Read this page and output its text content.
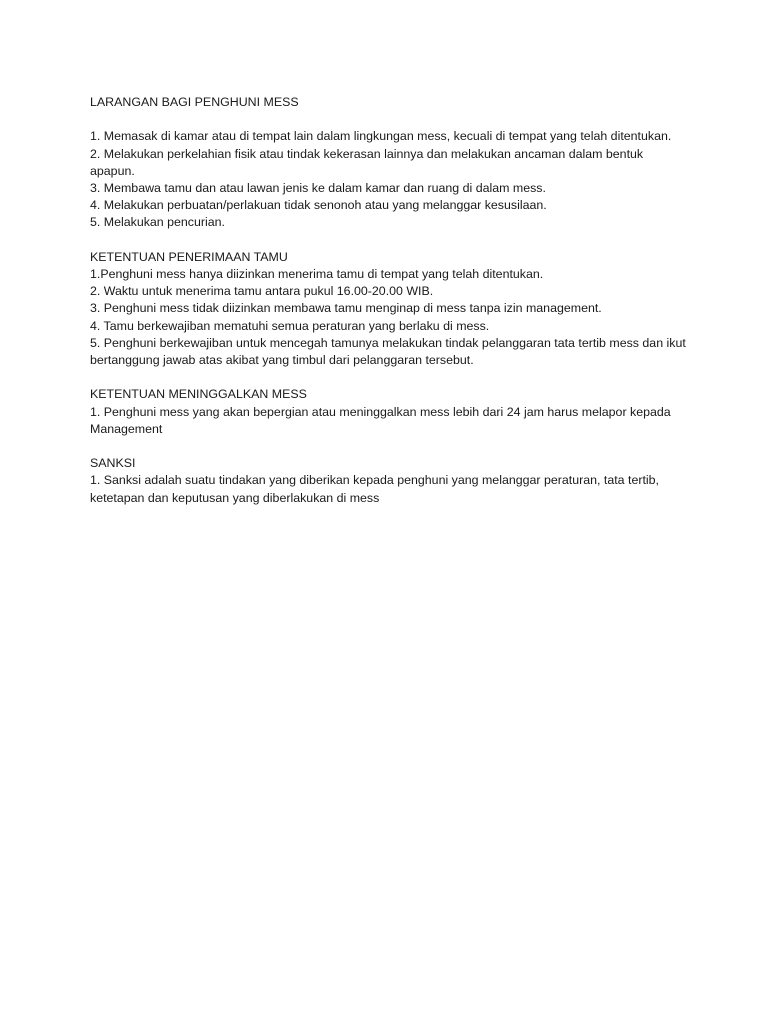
LARANGAN BAGI PENGHUNI MESS
1. Memasak di kamar atau di tempat lain dalam lingkungan mess, kecuali di tempat yang telah ditentukan.
2. Melakukan perkelahian fisik atau tindak kekerasan lainnya dan melakukan ancaman dalam bentuk apapun.
3. Membawa tamu dan atau lawan jenis ke dalam kamar dan ruang di dalam mess.
4. Melakukan perbuatan/perlakuan tidak senonoh atau yang melanggar kesusilaan.
5. Melakukan pencurian.
KETENTUAN PENERIMAAN TAMU
1.Penghuni mess hanya diizinkan menerima tamu di tempat yang telah ditentukan.
2. Waktu untuk menerima tamu antara pukul 16.00-20.00 WIB.
3. Penghuni mess tidak diizinkan membawa tamu menginap di mess tanpa izin management.
4. Tamu berkewajiban mematuhi semua peraturan yang berlaku di mess.
5. Penghuni berkewajiban untuk mencegah tamunya melakukan tindak pelanggaran tata tertib mess dan ikut bertanggung jawab atas akibat yang timbul dari pelanggaran tersebut.
KETENTUAN MENINGGALKAN MESS
1. Penghuni mess yang akan bepergian atau meninggalkan mess lebih dari 24 jam harus melapor kepada Management
SANKSI
1. Sanksi adalah suatu tindakan yang diberikan kepada penghuni yang melanggar peraturan, tata tertib, ketetapan dan keputusan yang diberlakukan di mess
